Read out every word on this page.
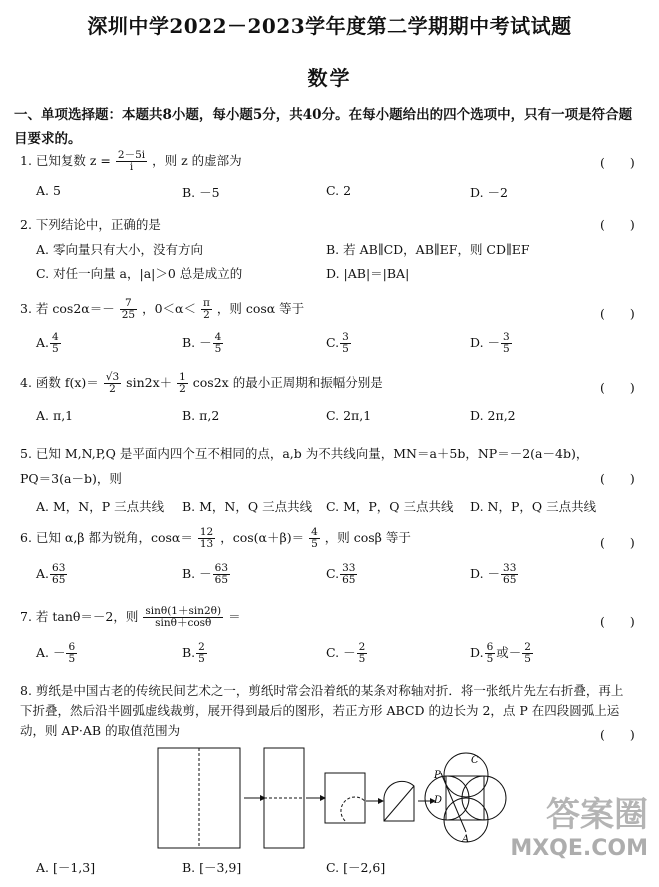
深圳中学2022－2023学年度第二学期期中考试试题
数学
一、单项选择题：本题共8小题，每小题5分，共40分。在每小题给出的四个选项中，只有一项是符合题目要求的。
1. 已知复数 $z = \frac{2-5i}{i}$ ，则 z 的虚部为	(　　)
A. 5	B. －5	C. 2	D. －2
2. 下列结论中，正确的是	(　　)
A. 零向量只有大小，没有方向	B. 若 AB∥CD，AB∥EF，则 CD∥EF
C. 对任一向量 a，|a|＞0 总是成立的	D. |AB|＝|BA|
3. 若 $\cos 2\alpha=- \frac{7}{25}$ ，$0<\alpha< \frac{\pi}{2}$ ，则 cosα 等于	(　　)
A. $\frac{4}{5}$	B. － $\frac{4}{5}$	C. $\frac{3}{5}$	D. － $\frac{3}{5}$
4. 函数 $f(x)= \frac{√3}{2} \sin 2x+ \frac{1}{2} \cos 2x$ 的最小正周期和振幅分别是	(　　)
A. π,1	B. π,2	C. 2π,1	D. 2π,2
5. 已知 M,N,P,Q 是平面内四个互不相同的点，a,b 为不共线向量，MN＝a＋5b，NP＝－2(a－4b)，
PQ＝3(a－b)，则	(　　)
A. M，N，P 三点共线 B. M，N，Q 三点共线 C. M，P，Q 三点共线 D. N，P，Q 三点共线
6. 已知 α,β 都为锐角，$\cos\alpha= \frac{12}{13}$ ，$\cos(\alpha+\beta)= \frac{4}{5}$ ，则 cosβ 等于	(　　)
A. $\frac{63}{65}$	B. － $\frac{63}{65}$	C. $\frac{33}{65}$	D. － $\frac{33}{65}$
7. 若 tanθ＝－2，则 $\frac{\sin\theta(1+\sin 2\theta)}{\sin\theta+\cos\theta}$ ＝	(　　)
A. － $\frac{6}{5}$	B. $\frac{2}{5}$	C. － $\frac{2}{5}$	D. $\frac{6}{5}$ 或－ $\frac{2}{5}$
8. 剪纸是中国古老的传统民间艺术之一，剪纸时常会沿着纸的某条对称轴对折．将一张纸片先左右折叠，再上下折叠，然后沿半圆弧虚线裁剪，展开得到最后的图形，若正方形 ABCD 的边长为 2，点 P 在四段圆弧上运动，则 AP·AB 的取值范围为	(　　)
C
P
D
A
A. [－1,3]	B. [－3,9]	C. [－2,6]
答案圈
MXQE.COM
